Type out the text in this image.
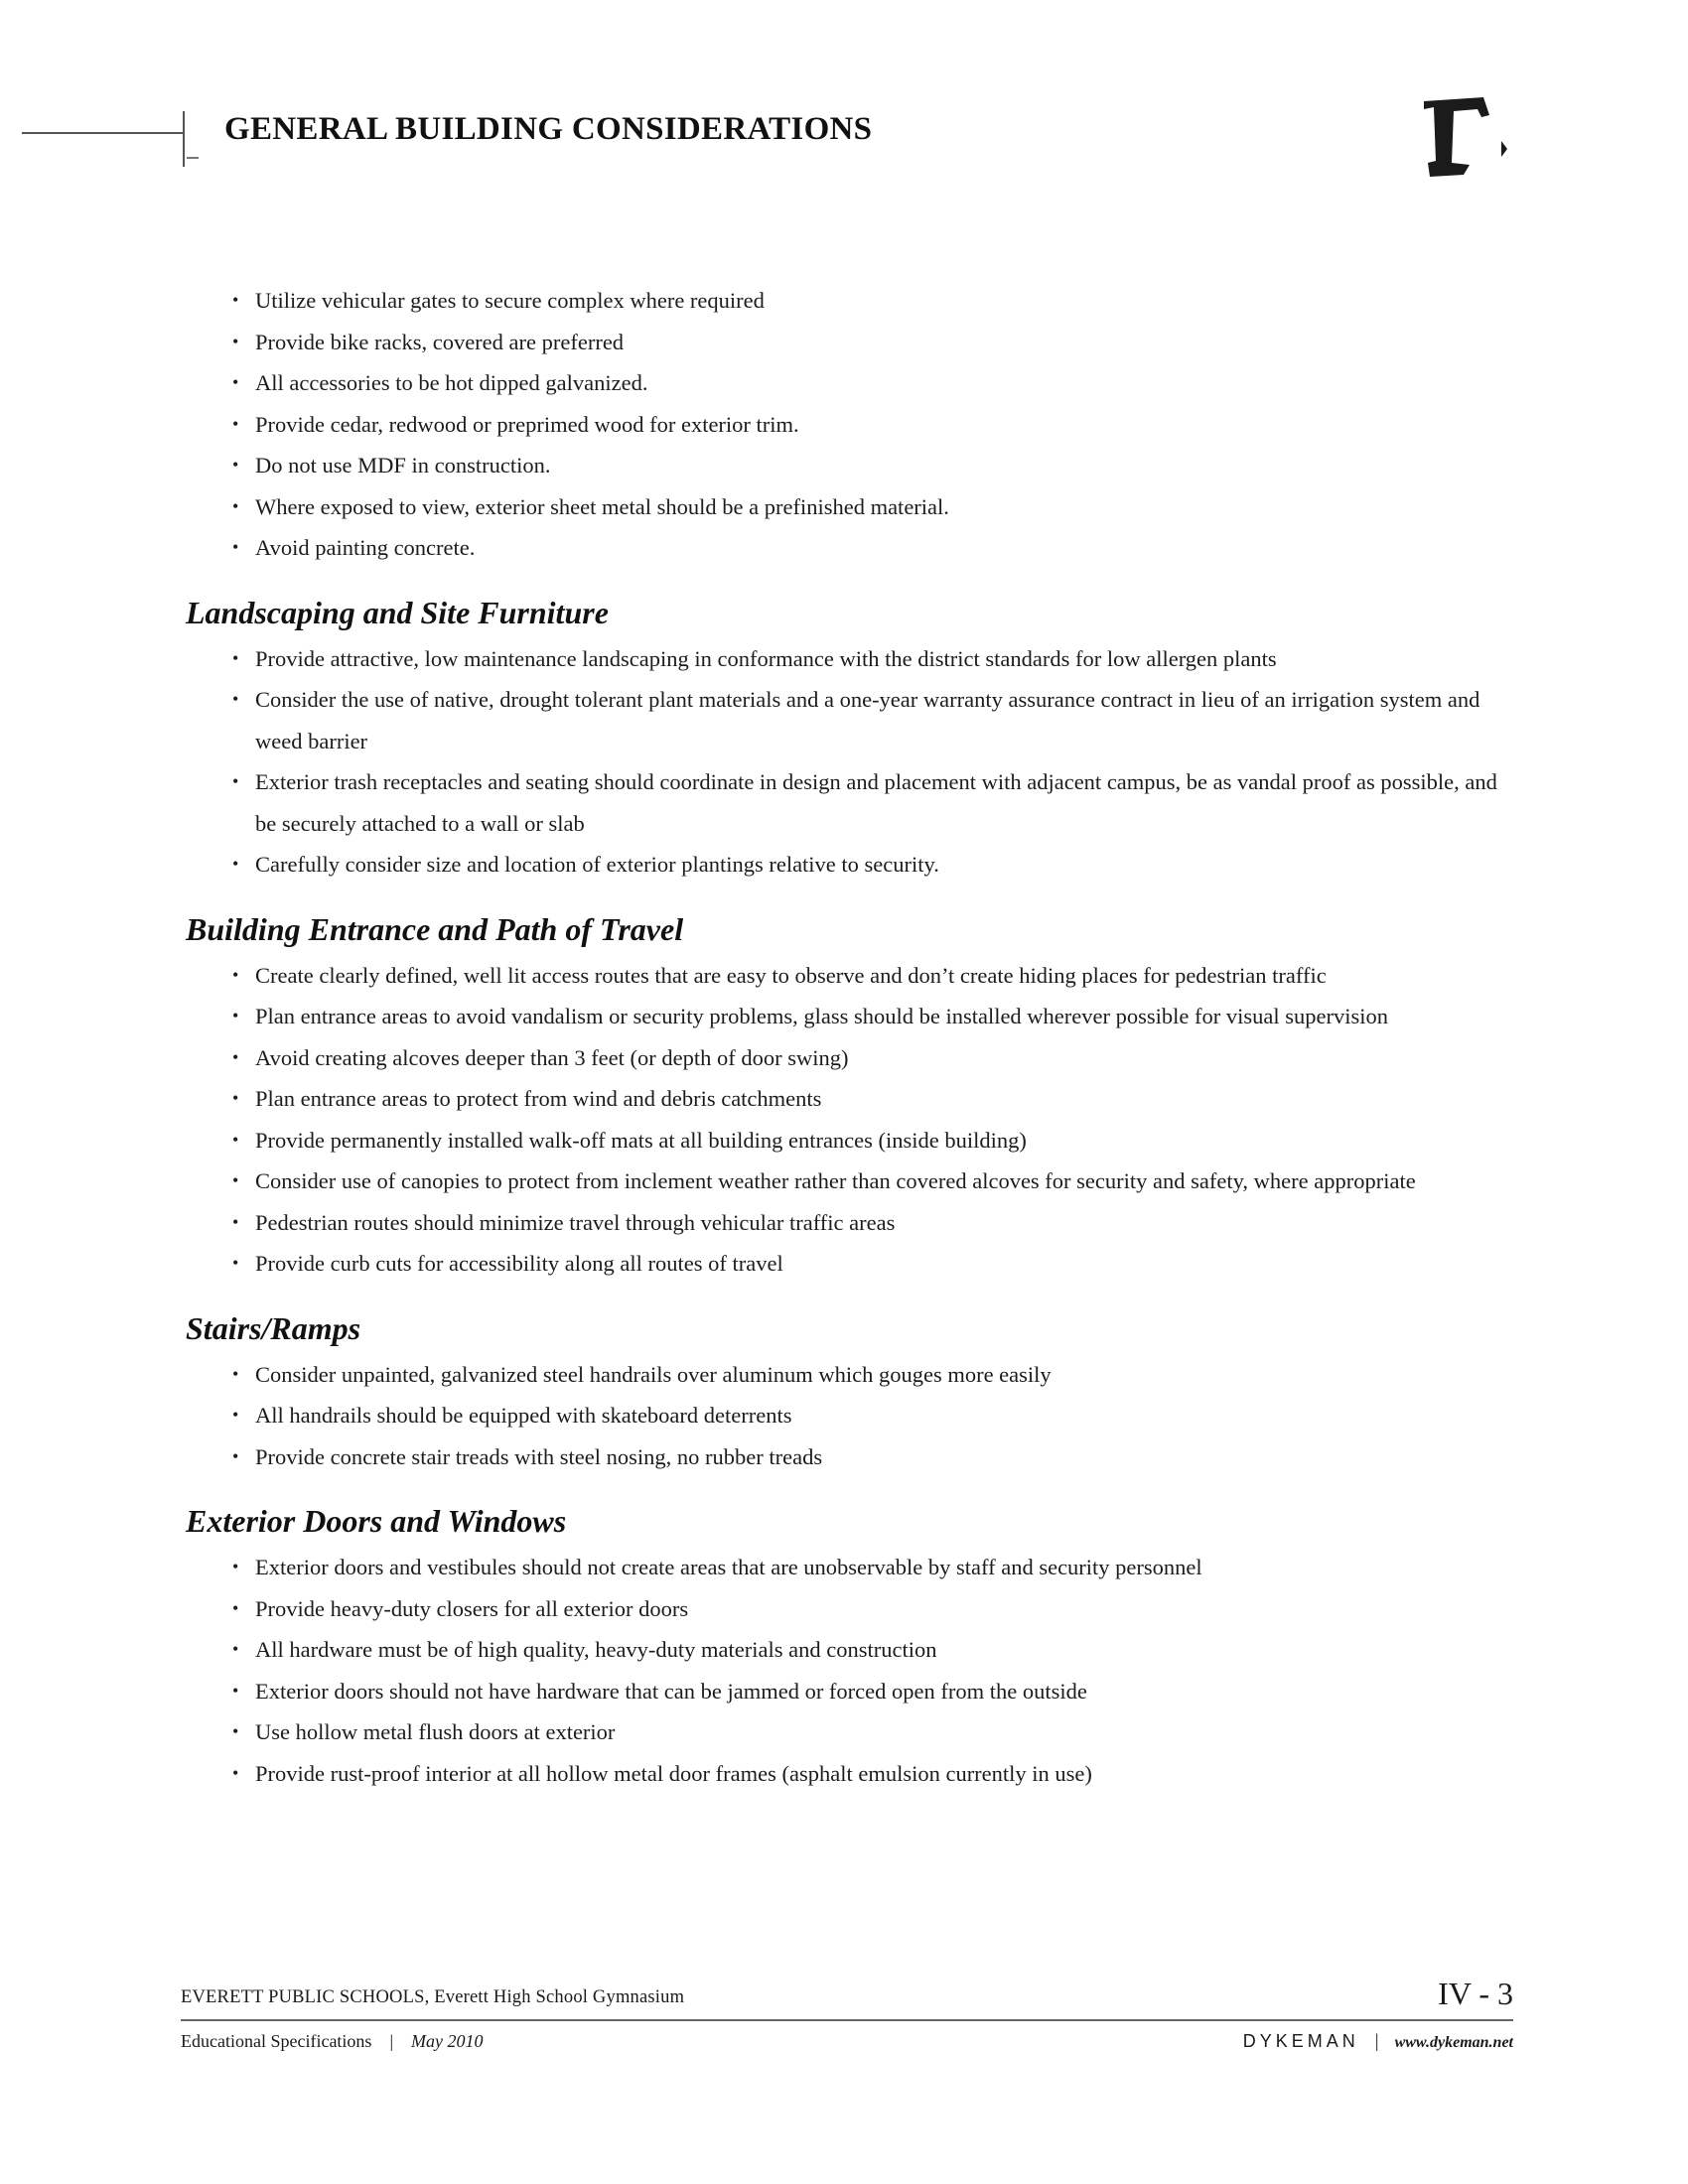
GENERAL BUILDING CONSIDERATIONS
• Utilize vehicular gates to secure complex where required
• Provide bike racks, covered are preferred
• All accessories to be hot dipped galvanized.
• Provide cedar, redwood or preprimed wood for exterior trim.
• Do not use MDF in construction.
• Where exposed to view, exterior sheet metal should be a prefinished material.
• Avoid painting concrete.
Landscaping and Site Furniture
• Provide attractive, low maintenance landscaping in conformance with the district standards for low allergen plants
• Consider the use of native, drought tolerant plant materials and a one-year warranty assurance contract in lieu of an irrigation system and weed barrier
• Exterior trash receptacles and seating should coordinate in design and placement with adjacent campus, be as vandal proof as possible, and be securely attached to a wall or slab
• Carefully consider size and location of exterior plantings relative to security.
Building Entrance and Path of Travel
• Create clearly defined, well lit access routes that are easy to observe and don’t create hiding places for pedestrian traffic
• Plan entrance areas to avoid vandalism or security problems, glass should be installed wherever possible for visual supervision
• Avoid creating alcoves deeper than 3 feet (or depth of door swing)
• Plan entrance areas to protect from wind and debris catchments
• Provide permanently installed walk-off mats at all building entrances (inside building)
• Consider use of canopies to protect from inclement weather rather than covered alcoves for security and safety, where appropriate
• Pedestrian routes should minimize travel through vehicular traffic areas
• Provide curb cuts for accessibility along all routes of travel
Stairs/Ramps
• Consider unpainted, galvanized steel handrails over aluminum which gouges more easily
• All handrails should be equipped with skateboard deterrents
• Provide concrete stair treads with steel nosing, no rubber treads
Exterior Doors and Windows
• Exterior doors and vestibules should not create areas that are unobservable by staff and security personnel
• Provide heavy-duty closers for all exterior doors
• All hardware must be of high quality, heavy-duty materials and construction
• Exterior doors should not have hardware that can be jammed or forced open from the outside
• Use hollow metal flush doors at exterior
• Provide rust-proof interior at all hollow metal door frames (asphalt emulsion currently in use)
EVERETT PUBLIC SCHOOLS, Everett High School Gymnasium	IV - 3
Educational Specifications | May 2010	DYKEMAN | www.dykeman.net
